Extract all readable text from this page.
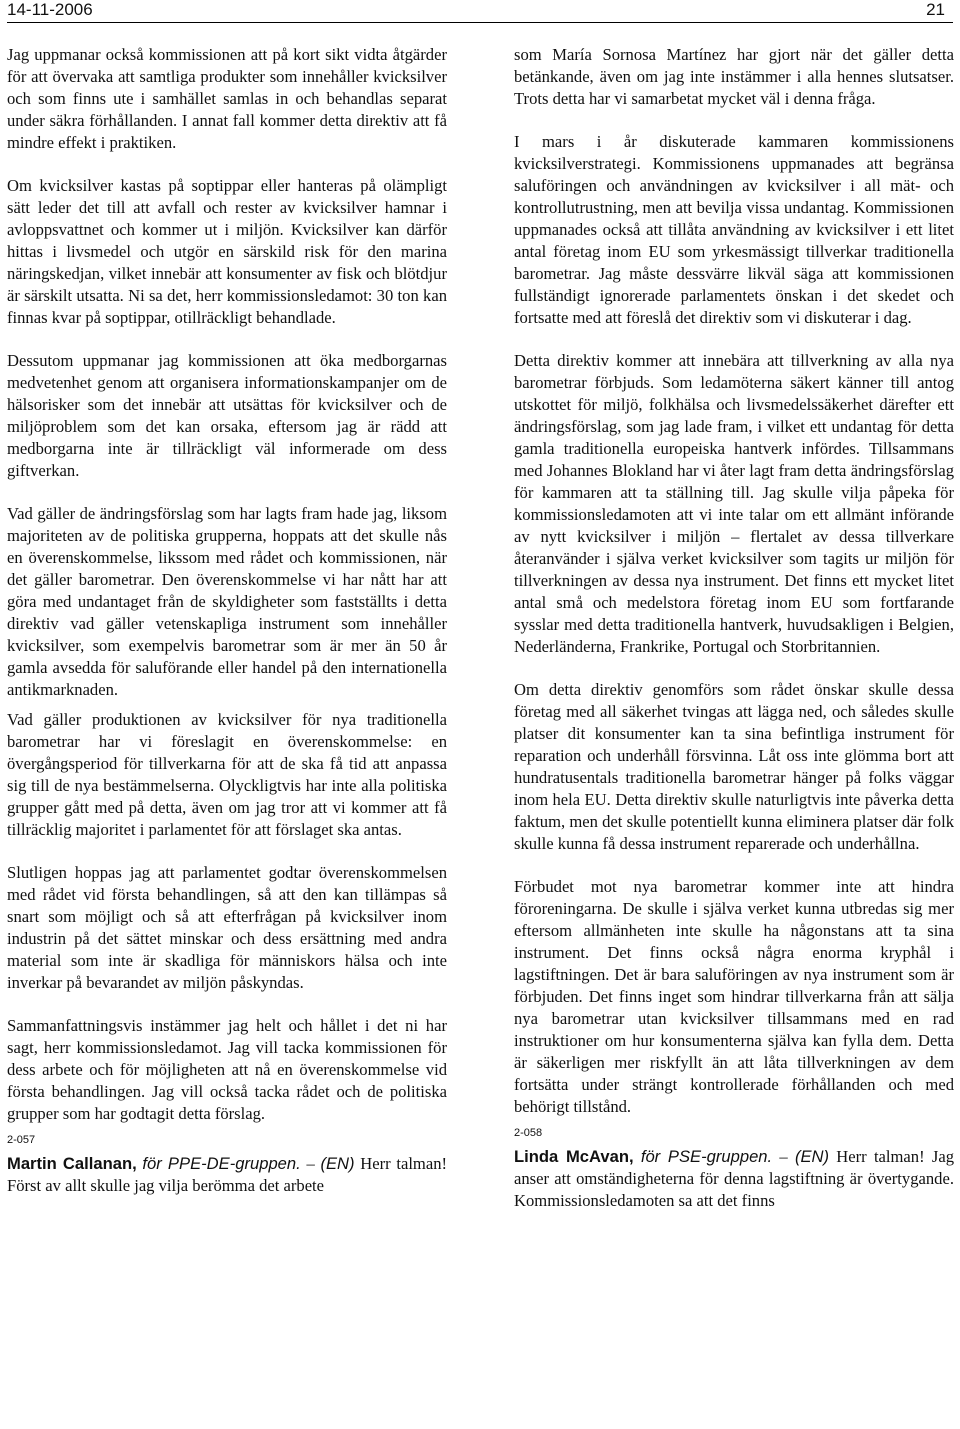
14-11-2006	21

Jag uppmanar också kommissionen att på kort sikt vidta åtgärder för att övervaka att samtliga produkter som innehåller kvicksilver och som finns ute i samhället samlas in och behandlas separat under säkra förhållanden. I annat fall kommer detta direktiv att få mindre effekt i praktiken.

Om kvicksilver kastas på soptippar eller hanteras på olämpligt sätt leder det till att avfall och rester av kvicksilver hamnar i avloppsvattnet och kommer ut i miljön. Kvicksilver kan därför hittas i livsmedel och utgör en särskild risk för den marina näringskedjan, vilket innebär att konsumenter av fisk och blötdjur är särskilt utsatta. Ni sa det, herr kommissionsledamot: 30 ton kan finnas kvar på soptippar, otillräckligt behandlade.

Dessutom uppmanar jag kommissionen att öka medborgarnas medvetenhet genom att organisera informationskampanjer om de hälsorisker som det innebär att utsättas för kvicksilver och de miljöproblem som det kan orsaka, eftersom jag är rädd att medborgarna inte är tillräckligt väl informerade om dess giftverkan.

Vad gäller de ändringsförslag som har lagts fram hade jag, liksom majoriteten av de politiska grupperna, hoppats att det skulle nås en överenskommelse, likssom med rådet och kommissionen, när det gäller barometrar. Den överenskommelse vi har nått har att göra med undantaget från de skyldigheter som fastställts i detta direktiv vad gäller vetenskapliga instrument som innehåller kvicksilver, som exempelvis barometrar som är mer än 50 år gamla avsedda för saluförande eller handel på den internationella antikmarknaden.

Vad gäller produktionen av kvicksilver för nya traditionella barometrar har vi föreslagit en överenskommelse: en övergångsperiod för tillverkarna för att de ska få tid att anpassa sig till de nya bestämmelserna. Olyckligtvis har inte alla politiska grupper gått med på detta, även om jag tror att vi kommer att få tillräcklig majoritet i parlamentet för att förslaget ska antas.

Slutligen hoppas jag att parlamentet godtar överenskommelsen med rådet vid första behandlingen, så att den kan tillämpas så snart som möjligt och så att efterfrågan på kvicksilver inom industrin på det sättet minskar och dess ersättning med andra material som inte är skadliga för människors hälsa och inte inverkar på bevarandet av miljön påskyndas.

Sammanfattningsvis instämmer jag helt och hållet i det ni har sagt, herr kommissionsledamot. Jag vill tacka kommissionen för dess arbete och för möjligheten att nå en överenskommelse vid första behandlingen. Jag vill också tacka rådet och de politiska grupper som har godtagit detta förslag.

2-057

Martin Callanan, för PPE-DE-gruppen. – (EN) Herr talman! Först av allt skulle jag vilja berömma det arbete

som María Sornosa Martínez har gjort när det gäller detta betänkande, även om jag inte instämmer i alla hennes slutsatser. Trots detta har vi samarbetat mycket väl i denna fråga.

I mars i år diskuterade kammaren kommissionens kvicksilverstrategi. Kommissionens uppmanades att begränsa saluföringen och användningen av kvicksilver i all mät- och kontrollutrustning, men att bevilja vissa undantag. Kommissionen uppmanades också att tillåta användning av kvicksilver i ett litet antal företag inom EU som yrkesmässigt tillverkar traditionella barometrar. Jag måste dessvärre likväl säga att kommissionen fullständigt ignorerade parlamentets önskan i det skedet och fortsatte med att föreslå det direktiv som vi diskuterar i dag.

Detta direktiv kommer att innebära att tillverkning av alla nya barometrar förbjuds. Som ledamöterna säkert känner till antog utskottet för miljö, folkhälsa och livsmedelssäkerhet därefter ett ändringsförslag, som jag lade fram, i vilket ett undantag för detta gamla traditionella europeiska hantverk infördes. Tillsammans med Johannes Blokland har vi åter lagt fram detta ändringsförslag för kammaren att ta ställning till. Jag skulle vilja påpeka för kommissionsledamoten att vi inte talar om ett allmänt införande av nytt kvicksilver i miljön – flertalet av dessa tillverkare återanvänder i själva verket kvicksilver som tagits ur miljön för tillverkningen av dessa nya instrument. Det finns ett mycket litet antal små och medelstora företag inom EU som fortfarande sysslar med detta traditionella hantverk, huvudsakligen i Belgien, Nederländerna, Frankrike, Portugal och Storbritannien.

Om detta direktiv genomförs som rådet önskar skulle dessa företag med all säkerhet tvingas att lägga ned, och således skulle platser dit konsumenter kan ta sina befintliga instrument för reparation och underhåll försvinna. Låt oss inte glömma bort att hundratusentals traditionella barometrar hänger på folks väggar inom hela EU. Detta direktiv skulle naturligtvis inte påverka detta faktum, men det skulle potentiellt kunna eliminera platser där folk skulle kunna få dessa instrument reparerade och underhållna.

Förbudet mot nya barometrar kommer inte att hindra föroreningarna. De skulle i själva verket kunna utbredas sig mer eftersom allmänheten inte skulle ha någonstans att ta sina instrument. Det finns också några enorma kryphål i lagstiftningen. Det är bara saluföringen av nya instrument som är förbjuden. Det finns inget som hindrar tillverkarna från att sälja nya barometrar utan kvicksilver tillsammans med en rad instruktioner om hur konsumenterna själva kan fylla dem. Detta är säkerligen mer riskfyllt än att låta tillverkningen av dem fortsätta under strängt kontrollerade förhållanden och med behörigt tillstånd.

2-058

Linda McAvan, för PSE-gruppen. – (EN) Herr talman! Jag anser att omständigheterna för denna lagstiftning är övertygande. Kommissionsledamoten sa att det finns
